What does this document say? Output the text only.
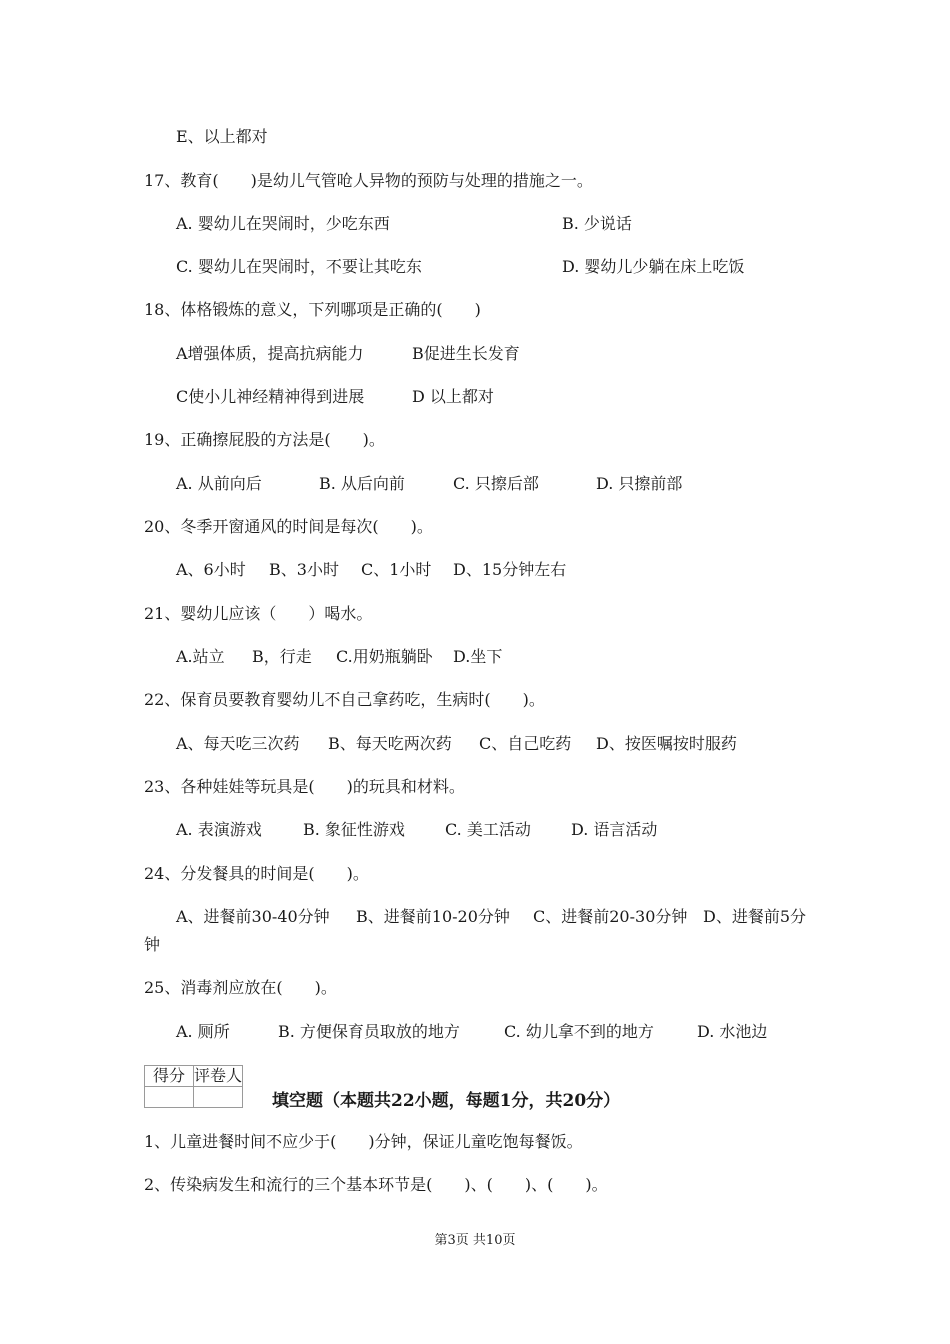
E、以上都对
17、教育(　　)是幼儿气管呛人异物的预防与处理的措施之一。
A. 婴幼儿在哭闹时，少吃东西	B. 少说话
C. 婴幼儿在哭闹时，不要让其吃东	D. 婴幼儿少躺在床上吃饭
18、体格锻炼的意义，下列哪项是正确的(　　)
A增强体质，提高抗病能力	B促进生长发育
C使小儿神经精神得到进展	D 以上都对
19、正确擦屁股的方法是(　　)。
A. 从前向后	B. 从后向前	C. 只擦后部	D. 只擦前部
20、冬季开窗通风的时间是每次(　　)。
A、6小时 B、3小时 C、1小时 D、15分钟左右
21、婴幼儿应该（　　）喝水。
A.站立 B，行走 C.用奶瓶躺卧 D.坐下
22、保育员要教育婴幼儿不自己拿药吃，生病时(　　)。
A、每天吃三次药 B、每天吃两次药 C、自己吃药 D、按医嘱按时服药
23、各种娃娃等玩具是(　　)的玩具和材料。
A. 表演游戏	B. 象征性游戏	C. 美工活动	D. 语言活动
24、分发餐具的时间是(　　)。
A、进餐前30-40分钟 B、进餐前10-20分钟 C、进餐前20-30分钟 D、进餐前5分
钟
25、消毒剂应放在(　　)。
A. 厕所	B. 方便保育员取放的地方	C. 幼儿拿不到的地方	D. 水池边
得分	评卷人

填空题（本题共22小题，每题1分，共20分）
1、儿童进餐时间不应少于(　　)分钟，保证儿童吃饱每餐饭。
2、传染病发生和流行的三个基本环节是(　　)、(　　)、(　　)。
第3页 共10页
